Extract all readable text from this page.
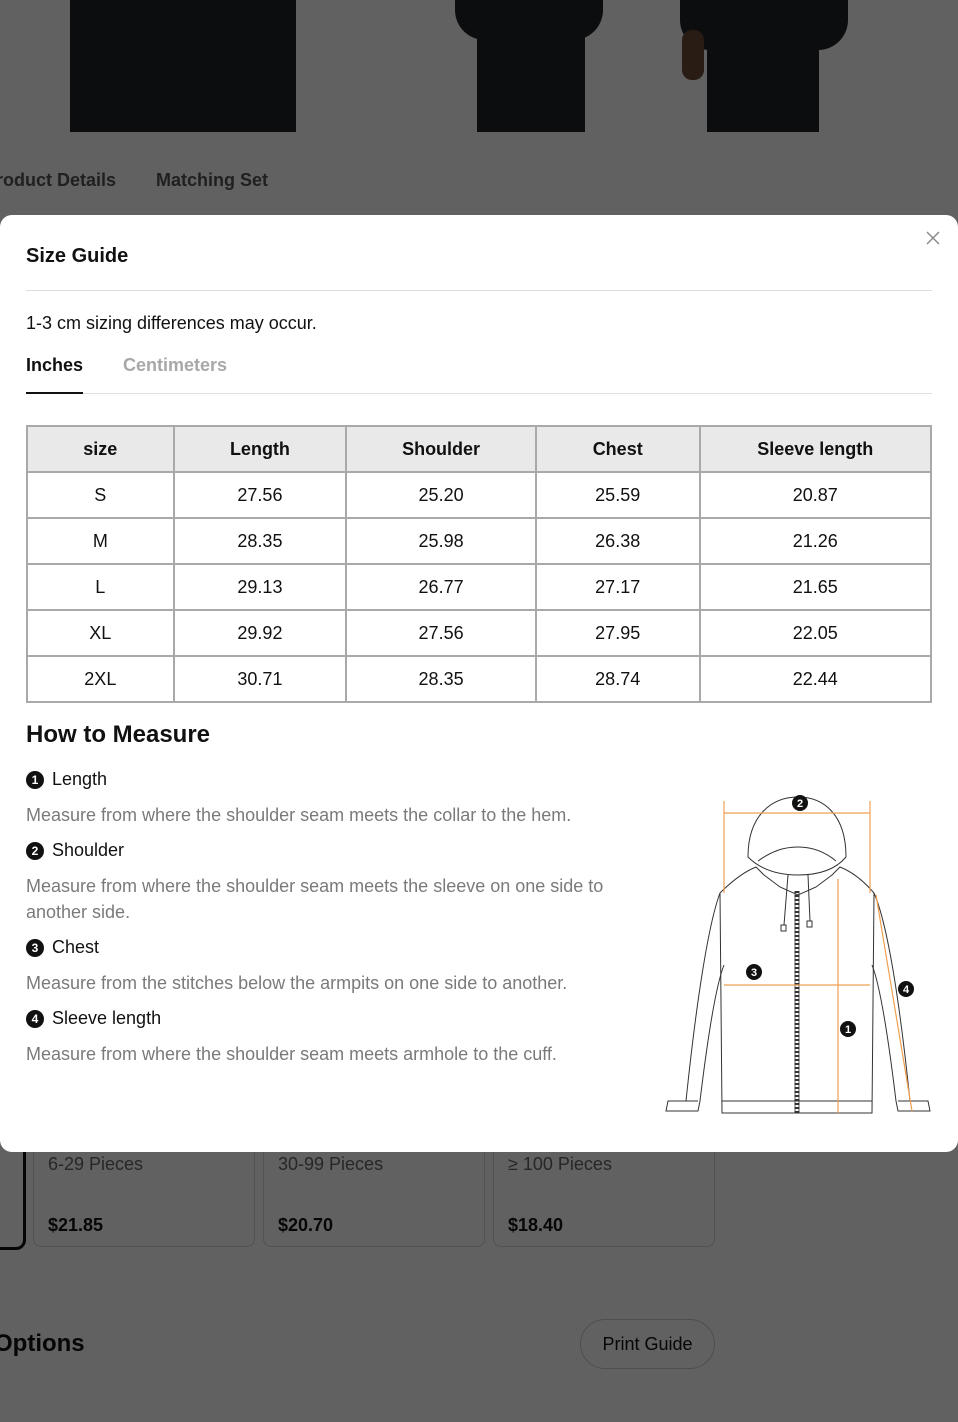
Size Guide
1-3 cm sizing differences may occur.
Inches Centimeters
size	Length	Shoulder	Chest	Sleeve length
S	27.56	25.20	25.59	20.87
M	28.35	25.98	26.38	21.26
L	29.13	26.77	27.17	21.65
XL	29.92	27.56	27.95	22.05
2XL	30.71	28.35	28.74	22.44
How to Measure
1 Length
Measure from where the shoulder seam meets the collar to the hem.
2 Shoulder
Measure from where the shoulder seam meets the sleeve on one side to another side.
3 Chest
Measure from the stitches below the armpits on one side to another.
4 Sleeve length
Measure from where the shoulder seam meets armhole to the cuff.
2
3
1
4
